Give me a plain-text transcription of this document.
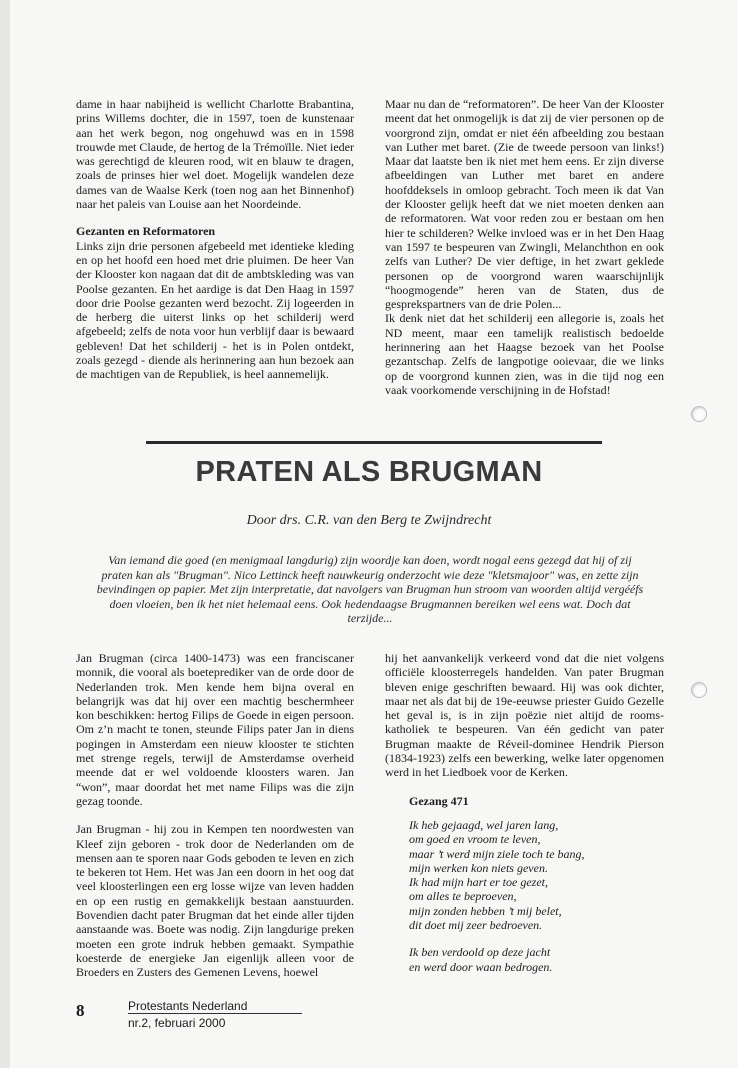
dame in haar nabijheid is wellicht Charlotte Brabantina, prins Willems dochter, die in 1597, toen de kunstenaar aan het werk begon, nog ongehuwd was en in 1598 trouwde met Claude, de hertog de la Trémoïlle. Niet ieder was gerechtigd de kleuren rood, wit en blauw te dragen, zoals de prinses hier wel doet. Mogelijk wandelen deze dames van de Waalse Kerk (toen nog aan het Binnenhof) naar het paleis van Louise aan het Noordeinde.

Gezanten en Reformatoren

Links zijn drie personen afgebeeld met identieke kleding en op het hoofd een hoed met drie pluimen. De heer Van der Klooster kon nagaan dat dit de ambtskleding was van Poolse gezanten. En het aardige is dat Den Haag in 1597 door drie Poolse gezanten werd bezocht. Zij logeerden in de herberg die uiterst links op het schilderij werd afgebeeld; zelfs de nota voor hun verblijf daar is bewaard gebleven! Dat het schilderij - het is in Polen ontdekt, zoals gezegd - diende als herinnering aan hun bezoek aan de machtigen van de Republiek, is heel aannemelijk.

Maar nu dan de “reformatoren”. De heer Van der Klooster meent dat het onmogelijk is dat zij de vier personen op de voorgrond zijn, omdat er niet één afbeelding zou bestaan van Luther met baret. (Zie de tweede persoon van links!) Maar dat laatste ben ik niet met hem eens. Er zijn diverse afbeeldingen van Luther met baret en andere hoofddeksels in omloop gebracht. Toch meen ik dat Van der Klooster gelijk heeft dat we niet moeten denken aan de reformatoren. Wat voor reden zou er bestaan om hen hier te schilderen? Welke invloed was er in het Den Haag van 1597 te bespeuren van Zwingli, Melanchthon en ook zelfs van Luther? De vier deftige, in het zwart geklede personen op de voorgrond waren waarschijnlijk “hoogmogende” heren van de Staten, dus de gesprekspartners van de drie Polen...

Ik denk niet dat het schilderij een allegorie is, zoals het ND meent, maar een tamelijk realistisch bedoelde herinnering aan het Haagse bezoek van het Poolse gezantschap. Zelfs de langpotige ooievaar, die we links op de voorgrond kunnen zien, was in die tijd nog een vaak voorkomende verschijning in de Hofstad!

PRATEN ALS BRUGMAN
Door drs. C.R. van den Berg te Zwijndrecht
Van iemand die goed (en menigmaal langdurig) zijn woordje kan doen, wordt nogal eens gezegd dat hij of zij praten kan als "Brugman". Nico Lettinck heeft nauwkeurig onderzocht wie deze "kletsmajoor" was, en zette zijn bevindingen op papier. Met zijn interpretatie, dat navolgers van Brugman hun stroom van woorden altijd vergééfs doen vloeien, ben ik het niet helemaal eens. Ook hedendaagse Brugmannen bereiken wel eens wat. Doch dat terzijde...

Jan Brugman (circa 1400-1473) was een franciscaner monnik, die vooral als boeteprediker van de orde door de Nederlanden trok. Men kende hem bijna overal en belangrijk was dat hij over een machtig beschermheer kon beschikken: hertog Filips de Goede in eigen persoon. Om z’n macht te tonen, steunde Filips pater Jan in diens pogingen in Amsterdam een nieuw klooster te stichten met strenge regels, terwijl de Amsterdamse overheid meende dat er wel voldoende kloosters waren. Jan “won”, maar doordat het met name Filips was die zijn gezag toonde.

Jan Brugman - hij zou in Kempen ten noordwesten van Kleef zijn geboren - trok door de Nederlanden om de mensen aan te sporen naar Gods geboden te leven en zich te bekeren tot Hem. Het was Jan een doorn in het oog dat veel kloosterlingen een erg losse wijze van leven hadden en op een rustig en gemakkelijk bestaan aanstuurden. Bovendien dacht pater Brugman dat het einde aller tijden aanstaande was. Boete was nodig. Zijn langdurige preken moeten een grote indruk hebben gemaakt. Sympathie koesterde de energieke Jan eigenlijk alleen voor de Broeders en Zusters des Gemenen Levens, hoewel

hij het aanvankelijk verkeerd vond dat die niet volgens officiële kloosterregels handelden. Van pater Brugman bleven enige geschriften bewaard. Hij was ook dichter, maar net als dat bij de 19e-eeuwse priester Guido Gezelle het geval is, is in zijn poëzie niet altijd de rooms-katholiek te bespeuren. Van één gedicht van pater Brugman maakte de Réveil-dominee Hendrik Pierson (1834-1923) zelfs een bewerking, welke later opgenomen werd in het Liedboek voor de Kerken.

Gezang 471

Ik heb gejaagd, wel jaren lang,
om goed en vroom te leven,
maar ’t werd mijn ziele toch te bang,
mijn werken kon niets geven.
Ik had mijn hart er toe gezet,
om alles te beproeven,
mijn zonden hebben ’t mij belet,
dit doet mij zeer bedroeven.
Ik ben verdoold op deze jacht
en werd door waan bedrogen.
8	Protestants Nederland
nr.2, februari 2000
